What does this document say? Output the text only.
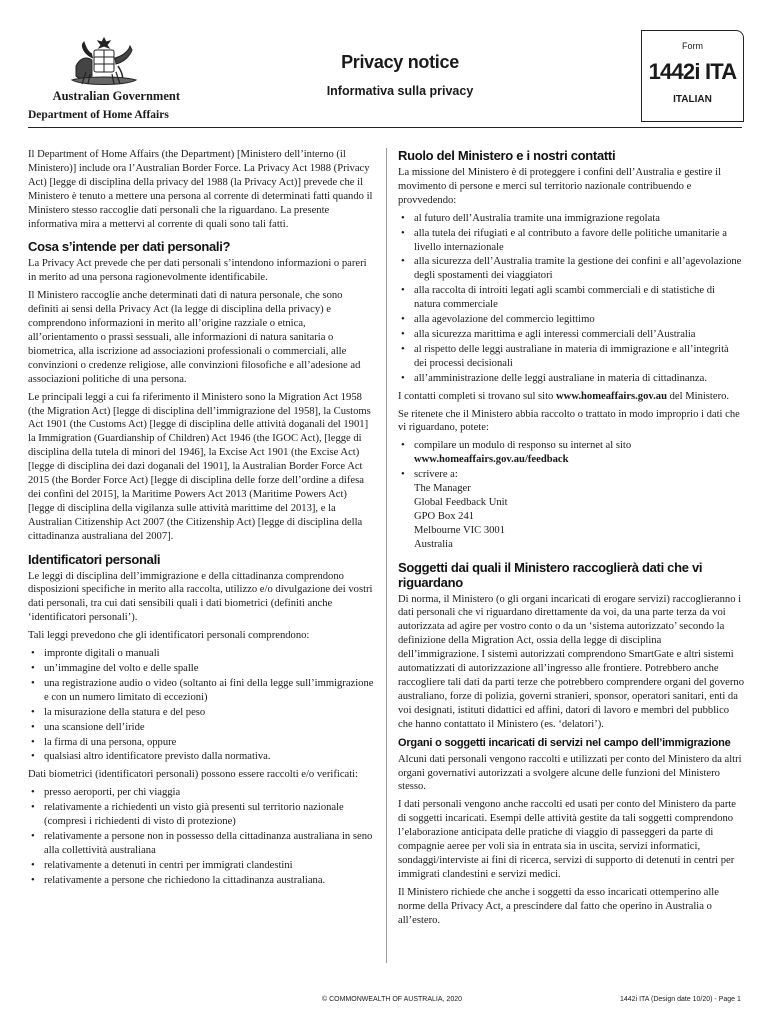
Australian Government
Department of Home Affairs
Privacy notice
Informativa sulla privacy
Form
1442i ITA
ITALIAN

Il Department of Home Affairs (the Department) [Ministero dell’interno (il Ministero)] include ora l’Australian Border Force. La Privacy Act 1988 (Privacy Act) [legge di disciplina della privacy del 1988 (la Privacy Act)] prevede che il Ministero è tenuto a mettere una persona al corrente di determinati fatti quando il Ministero stesso raccoglie dati personali che la riguardano. La presente informativa mira a mettervi al corrente di quali sono tali fatti.

Cosa s’intende per dati personali?

La Privacy Act prevede che per dati personali s’intendono informazioni o pareri in merito ad una persona ragionevolmente identificabile.

Il Ministero raccoglie anche determinati dati di natura personale, che sono definiti ai sensi della Privacy Act (la legge di disciplina della privacy) e comprendono informazioni in merito all’origine razziale o etnica, all’orientamento o prassi sessuali, alle informazioni di natura sanitaria o biometrica, alla iscrizione ad associazioni professionali o commerciali, alle convinzioni o credenze religiose, alle convinzioni filosofiche e all’adesione ad associazioni politiche di una persona.

Le principali leggi a cui fa riferimento il Ministero sono la Migration Act 1958 (the Migration Act) [legge di disciplina dell’immigrazione del 1958], la Customs Act 1901 (the Customs Act) [legge di disciplina delle attività doganali del 1901] la Immigration (Guardianship of Children) Act 1946 (the IGOC Act), [legge di disciplina della tutela di minori del 1946], la Excise Act 1901 (the Excise Act) [legge di disciplina dei dazi doganali del 1901], la Australian Border Force Act 2015 (the Border Force Act) [legge di disciplina delle forze dell’ordine a difesa dei confini del 2015], la Maritime Powers Act 2013 (Maritime Powers Act) [legge di disciplina della vigilanza sulle attività marittime del 2013], e la Australian Citizenship Act 2007 (the Citizenship Act) [legge di disciplina della cittadinanza australiana del 2007].

Identificatori personali

Le leggi di disciplina dell’immigrazione e della cittadinanza comprendono disposizioni specifiche in merito alla raccolta, utilizzo e/o divulgazione dei vostri dati personali, tra cui dati sensibili quali i dati biometrici (definiti anche ‘identificatori personali’).

Tali leggi prevedono che gli identificatori personali comprendono:

• impronte digitali o manuali
• un’immagine del volto e delle spalle
• una registrazione audio o video (soltanto ai fini della legge sull’immigrazione e con un numero limitato di eccezioni)
• la misurazione della statura e del peso
• una scansione dell’iride
• la firma di una persona, oppure
• qualsiasi altro identificatore previsto dalla normativa.

Dati biometrici (identificatori personali) possono essere raccolti e/o verificati:

• presso aeroporti, per chi viaggia
• relativamente a richiedenti un visto già presenti sul territorio nazionale (compresi i richiedenti di visto di protezione)
• relativamente a persone non in possesso della cittadinanza australiana in seno alla collettività australiana
• relativamente a detenuti in centri per immigrati clandestini
• relativamente a persone che richiedono la cittadinanza australiana.
Ruolo del Ministero e i nostri contatti

La missione del Ministero è di proteggere i confini dell’Australia e gestire il movimento di persone e merci sul territorio nazionale contribuendo e provvedendo:

• al futuro dell’Australia tramite una immigrazione regolata
• alla tutela dei rifugiati e al contributo a favore delle politiche umanitarie a livello internazionale
• alla sicurezza dell’Australia tramite la gestione dei confini e all’agevolazione degli spostamenti dei viaggiatori
• alla raccolta di introiti legati agli scambi commerciali e di statistiche di natura commerciale
• alla agevolazione del commercio legittimo
• alla sicurezza marittima e agli interessi commerciali dell’Australia
• al rispetto delle leggi australiane in materia di immigrazione e all’integrità dei processi decisionali
• all’amministrazione delle leggi australiane in materia di cittadinanza.

I contatti completi si trovano sul sito www.homeaffairs.gov.au del Ministero.

Se ritenete che il Ministero abbia raccolto o trattato in modo improprio i dati che vi riguardano, potete:

• compilare un modulo di responso su internet al sito
www.homeaffairs.gov.au/feedback
• scrivere a:
The Manager
Global Feedback Unit
GPO Box 241
Melbourne VIC 3001
Australia
Soggetti dai quali il Ministero raccoglierà dati che vi riguardano

Di norma, il Ministero (o gli organi incaricati di erogare servizi) raccoglieranno i dati personali che vi riguardano direttamente da voi, da una parte terza da voi autorizzata ad agire per vostro conto o da un ‘sistema autorizzato’ secondo la definizione della Migration Act, ossia della legge di disciplina dell’immigrazione. I sistemi autorizzati comprendono SmartGate e altri sistemi automatizzati di autorizzazione all’ingresso alle frontiere. Potrebbero anche raccogliere tali dati da parti terze che potrebbero comprendere organi del governo australiano, forze di polizia, governi stranieri, sponsor, operatori sanitari, enti da voi designati, istituti didattici ed affini, datori di lavoro e membri del pubblico che hanno contattato il Ministero (es. ‘delatori’).

Organi o soggetti incaricati di servizi nel campo dell’immigrazione

Alcuni dati personali vengono raccolti e utilizzati per conto del Ministero da altri organi governativi autorizzati a svolgere alcune delle funzioni del Ministero stesso.

I dati personali vengono anche raccolti ed usati per conto del Ministero da parte di soggetti incaricati. Esempi delle attività gestite da tali soggetti comprendono l’elaborazione anticipata delle pratiche di viaggio di passeggeri da parte di compagnie aeree per voli sia in entrata sia in uscita, servizi informatici, sondaggi/interviste ai fini di ricerca, servizi di supporto di detenuti in centri per immigrati clandestini e servizi medici.

Il Ministero richiede che anche i soggetti da esso incaricati ottemperino alle norme della Privacy Act, a prescindere dal fatto che operino in Australia o all’estero.

© COMMONWEALTH OF AUSTRALIA, 2020	1442i ITA (Design date 10/20) - Page 1
